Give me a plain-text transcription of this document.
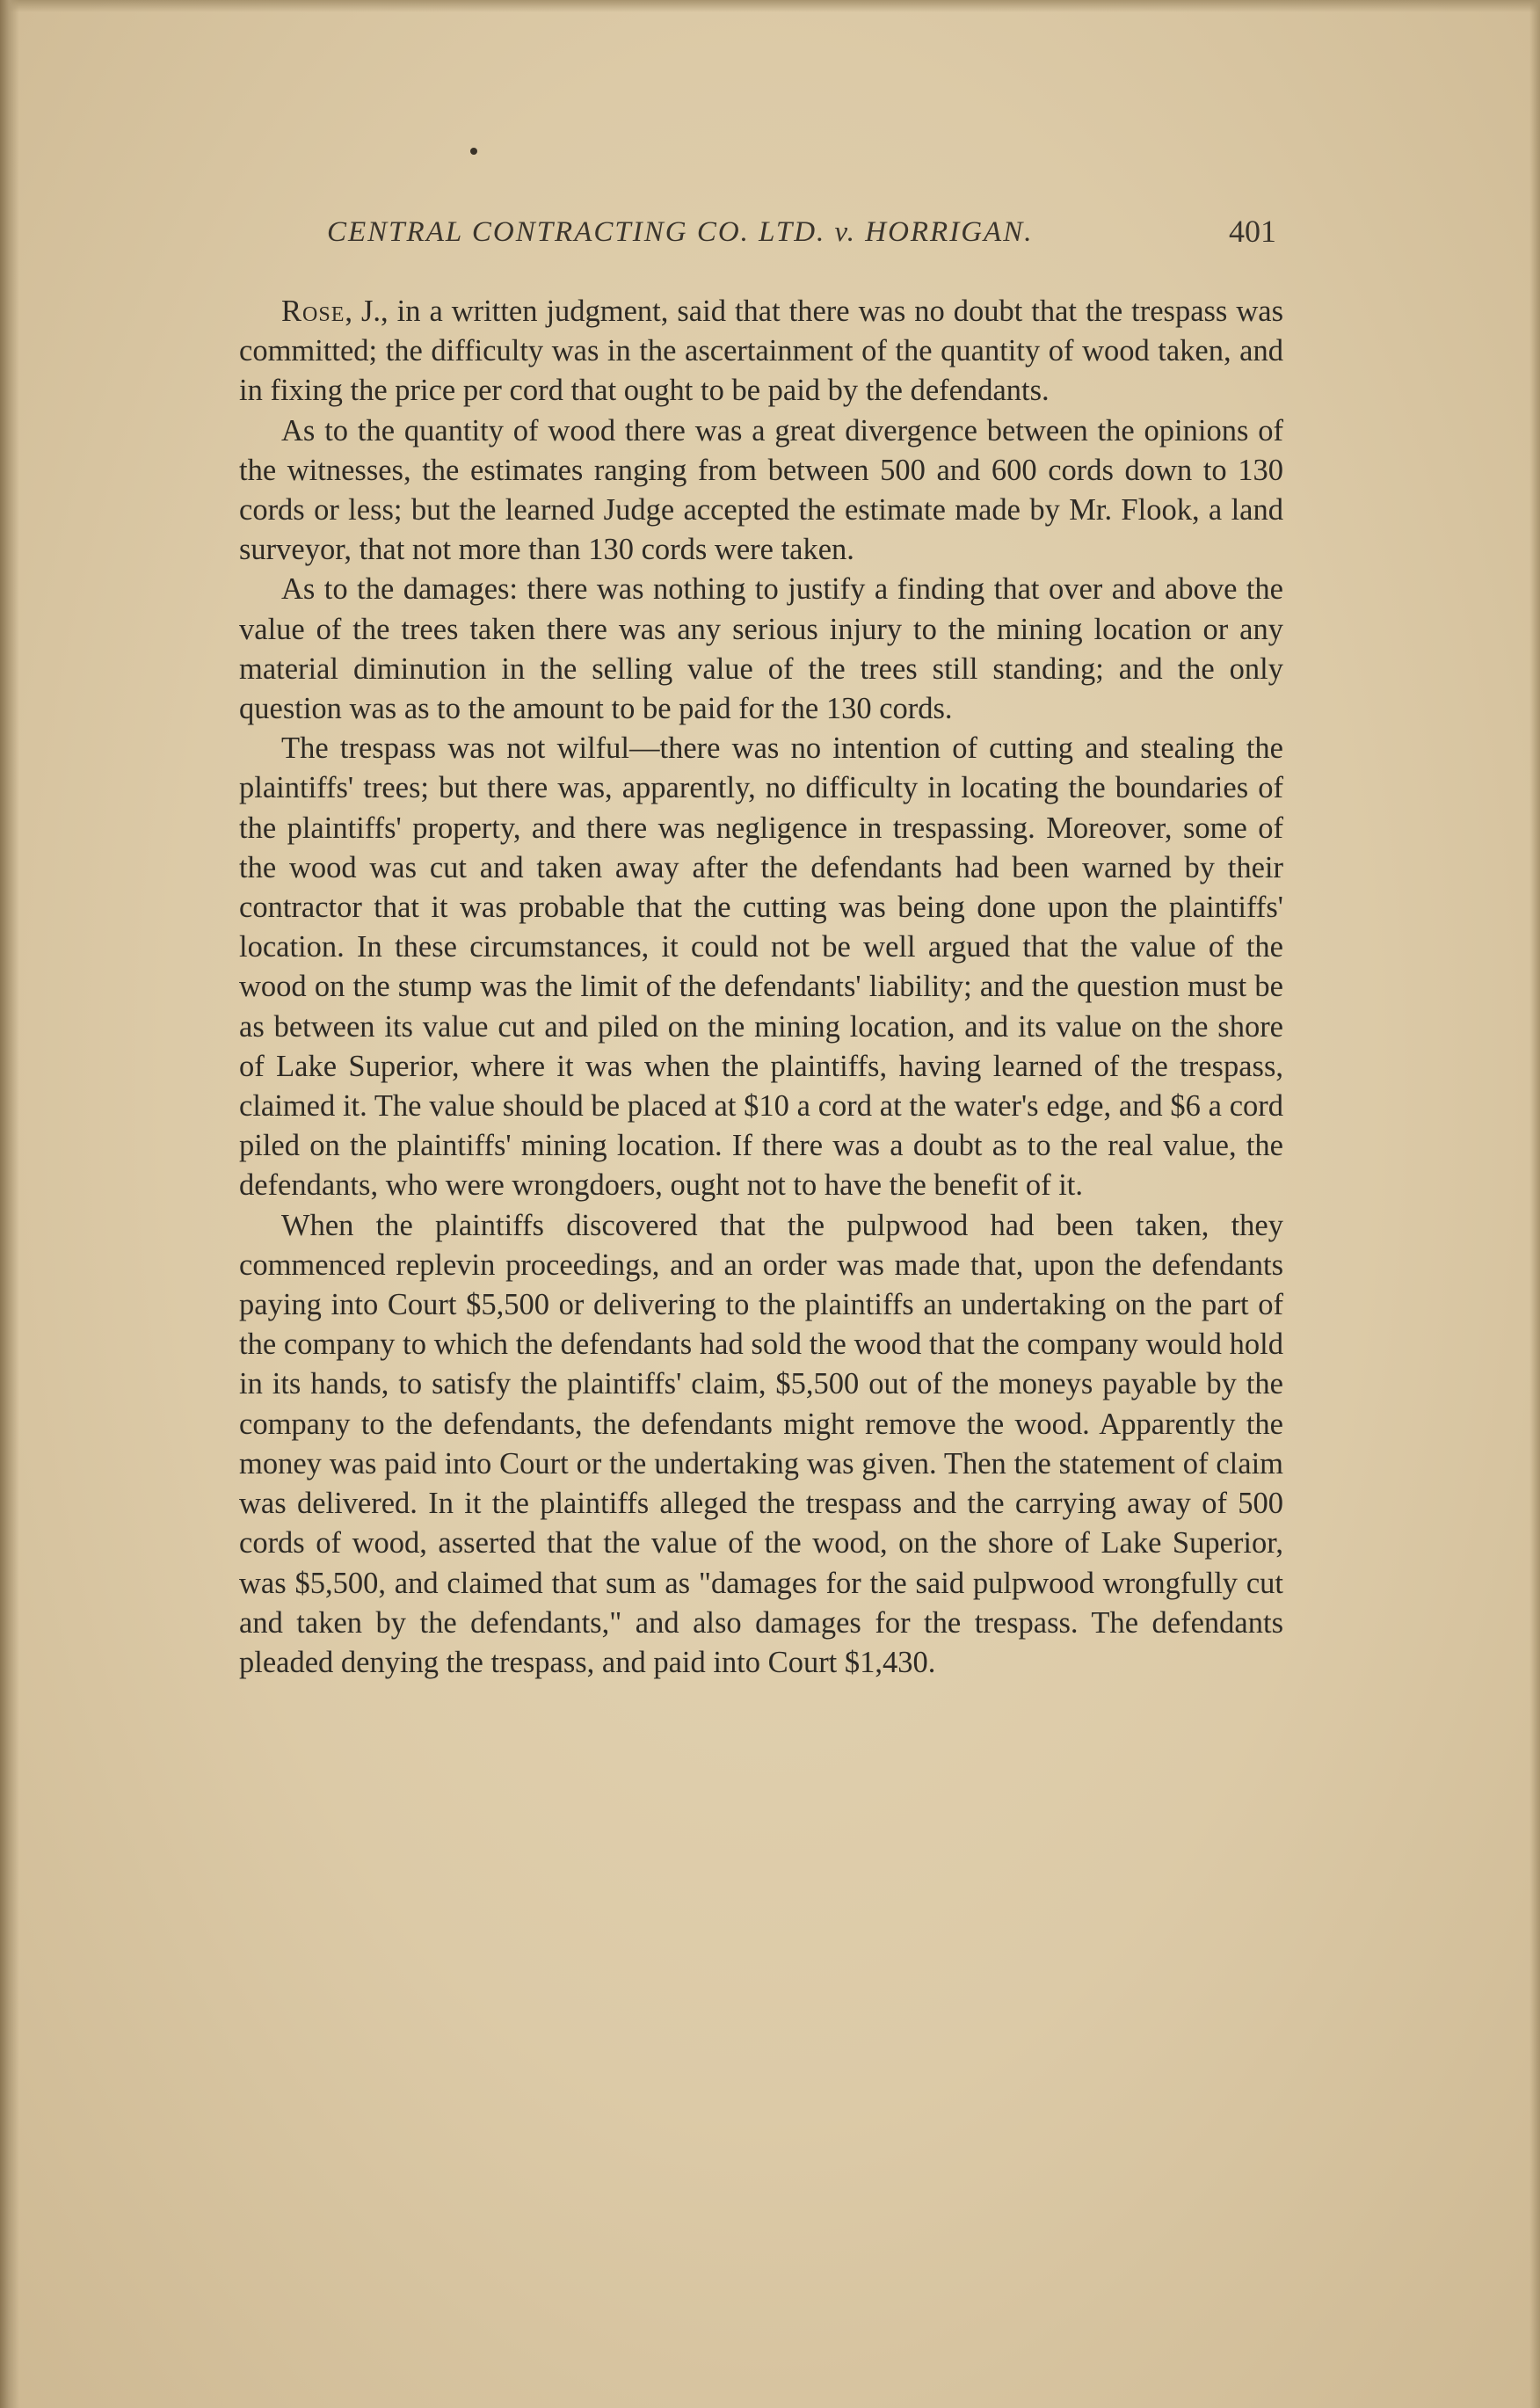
CENTRAL CONTRACTING CO. LTD. v. HORRIGAN.	401

Rose, J., in a written judgment, said that there was no doubt that the trespass was committed; the difficulty was in the ascertainment of the quantity of wood taken, and in fixing the price per cord that ought to be paid by the defendants.

As to the quantity of wood there was a great divergence between the opinions of the witnesses, the estimates ranging from between 500 and 600 cords down to 130 cords or less; but the learned Judge accepted the estimate made by Mr. Flook, a land surveyor, that not more than 130 cords were taken.

As to the damages: there was nothing to justify a finding that over and above the value of the trees taken there was any serious injury to the mining location or any material diminution in the selling value of the trees still standing; and the only question was as to the amount to be paid for the 130 cords.

The trespass was not wilful—there was no intention of cutting and stealing the plaintiffs' trees; but there was, apparently, no difficulty in locating the boundaries of the plaintiffs' property, and there was negligence in trespassing. Moreover, some of the wood was cut and taken away after the defendants had been warned by their contractor that it was probable that the cutting was being done upon the plaintiffs' location. In these circumstances, it could not be well argued that the value of the wood on the stump was the limit of the defendants' liability; and the question must be as between its value cut and piled on the mining location, and its value on the shore of Lake Superior, where it was when the plaintiffs, having learned of the trespass, claimed it. The value should be placed at $10 a cord at the water's edge, and $6 a cord piled on the plaintiffs' mining location. If there was a doubt as to the real value, the defendants, who were wrongdoers, ought not to have the benefit of it.

When the plaintiffs discovered that the pulpwood had been taken, they commenced replevin proceedings, and an order was made that, upon the defendants paying into Court $5,500 or delivering to the plaintiffs an undertaking on the part of the company to which the defendants had sold the wood that the company would hold in its hands, to satisfy the plaintiffs' claim, $5,500 out of the moneys payable by the company to the defendants, the defendants might remove the wood. Apparently the money was paid into Court or the undertaking was given. Then the statement of claim was delivered. In it the plaintiffs alleged the trespass and the carrying away of 500 cords of wood, asserted that the value of the wood, on the shore of Lake Superior, was $5,500, and claimed that sum as "damages for the said pulpwood wrongfully cut and taken by the defendants," and also damages for the trespass. The defendants pleaded denying the trespass, and paid into Court $1,430.
